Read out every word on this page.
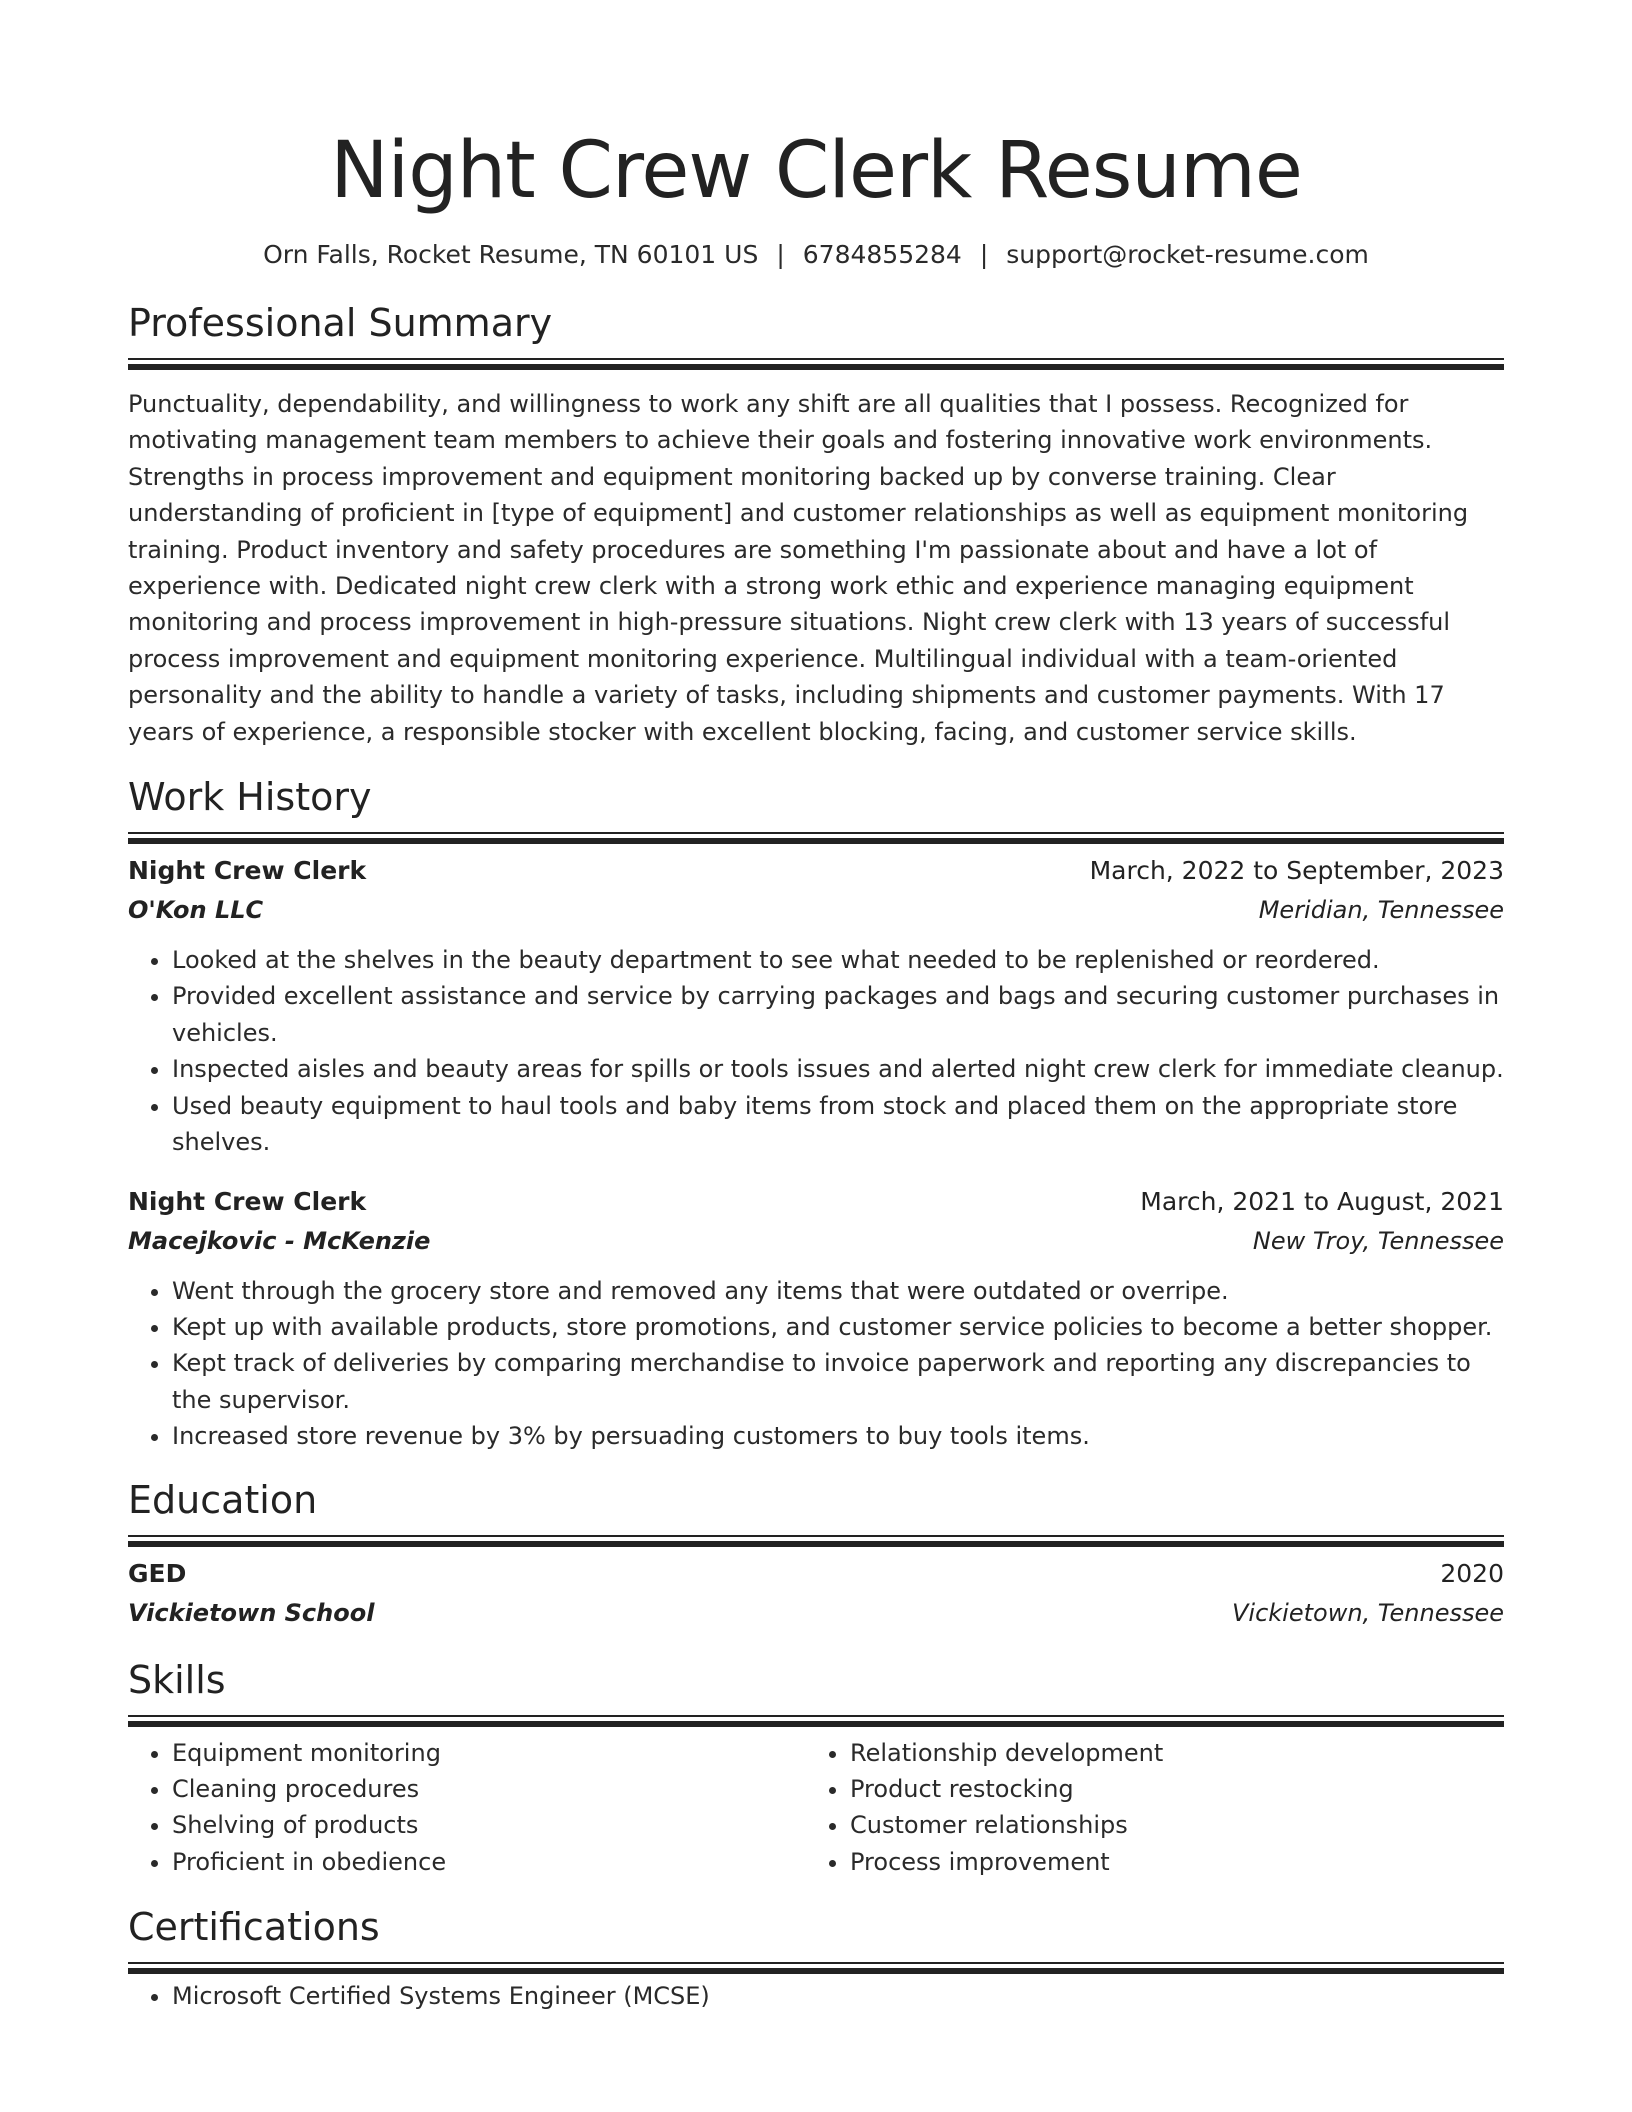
Night Crew Clerk Resume
Orn Falls, Rocket Resume, TN 60101 US | 6784855284 | support@rocket-resume.com
Professional Summary
Punctuality, dependability, and willingness to work any shift are all qualities that I possess. Recognized for motivating management team members to achieve their goals and fostering innovative work environments. Strengths in process improvement and equipment monitoring backed up by converse training. Clear understanding of proficient in [type of equipment] and customer relationships as well as equipment monitoring training. Product inventory and safety procedures are something I'm passionate about and have a lot of experience with. Dedicated night crew clerk with a strong work ethic and experience managing equipment monitoring and process improvement in high-pressure situations. Night crew clerk with 13 years of successful process improvement and equipment monitoring experience. Multilingual individual with a team-oriented personality and the ability to handle a variety of tasks, including shipments and customer payments. With 17 years of experience, a responsible stocker with excellent blocking, facing, and customer service skills.
Work History
Night Crew Clerk	March, 2022 to September, 2023
O'Kon LLC	Meridian, Tennessee
• Looked at the shelves in the beauty department to see what needed to be replenished or reordered.
• Provided excellent assistance and service by carrying packages and bags and securing customer purchases in vehicles.
• Inspected aisles and beauty areas for spills or tools issues and alerted night crew clerk for immediate cleanup.
• Used beauty equipment to haul tools and baby items from stock and placed them on the appropriate store shelves.
Night Crew Clerk	March, 2021 to August, 2021
Macejkovic - McKenzie	New Troy, Tennessee
• Went through the grocery store and removed any items that were outdated or overripe.
• Kept up with available products, store promotions, and customer service policies to become a better shopper.
• Kept track of deliveries by comparing merchandise to invoice paperwork and reporting any discrepancies to the supervisor.
• Increased store revenue by 3% by persuading customers to buy tools items.
Education
GED	2020
Vickietown School	Vickietown, Tennessee
Skills
• Equipment monitoring
• Cleaning procedures
• Shelving of products
• Proficient in obedience
• Relationship development
• Product restocking
• Customer relationships
• Process improvement
Certifications
• Microsoft Certified Systems Engineer (MCSE)
